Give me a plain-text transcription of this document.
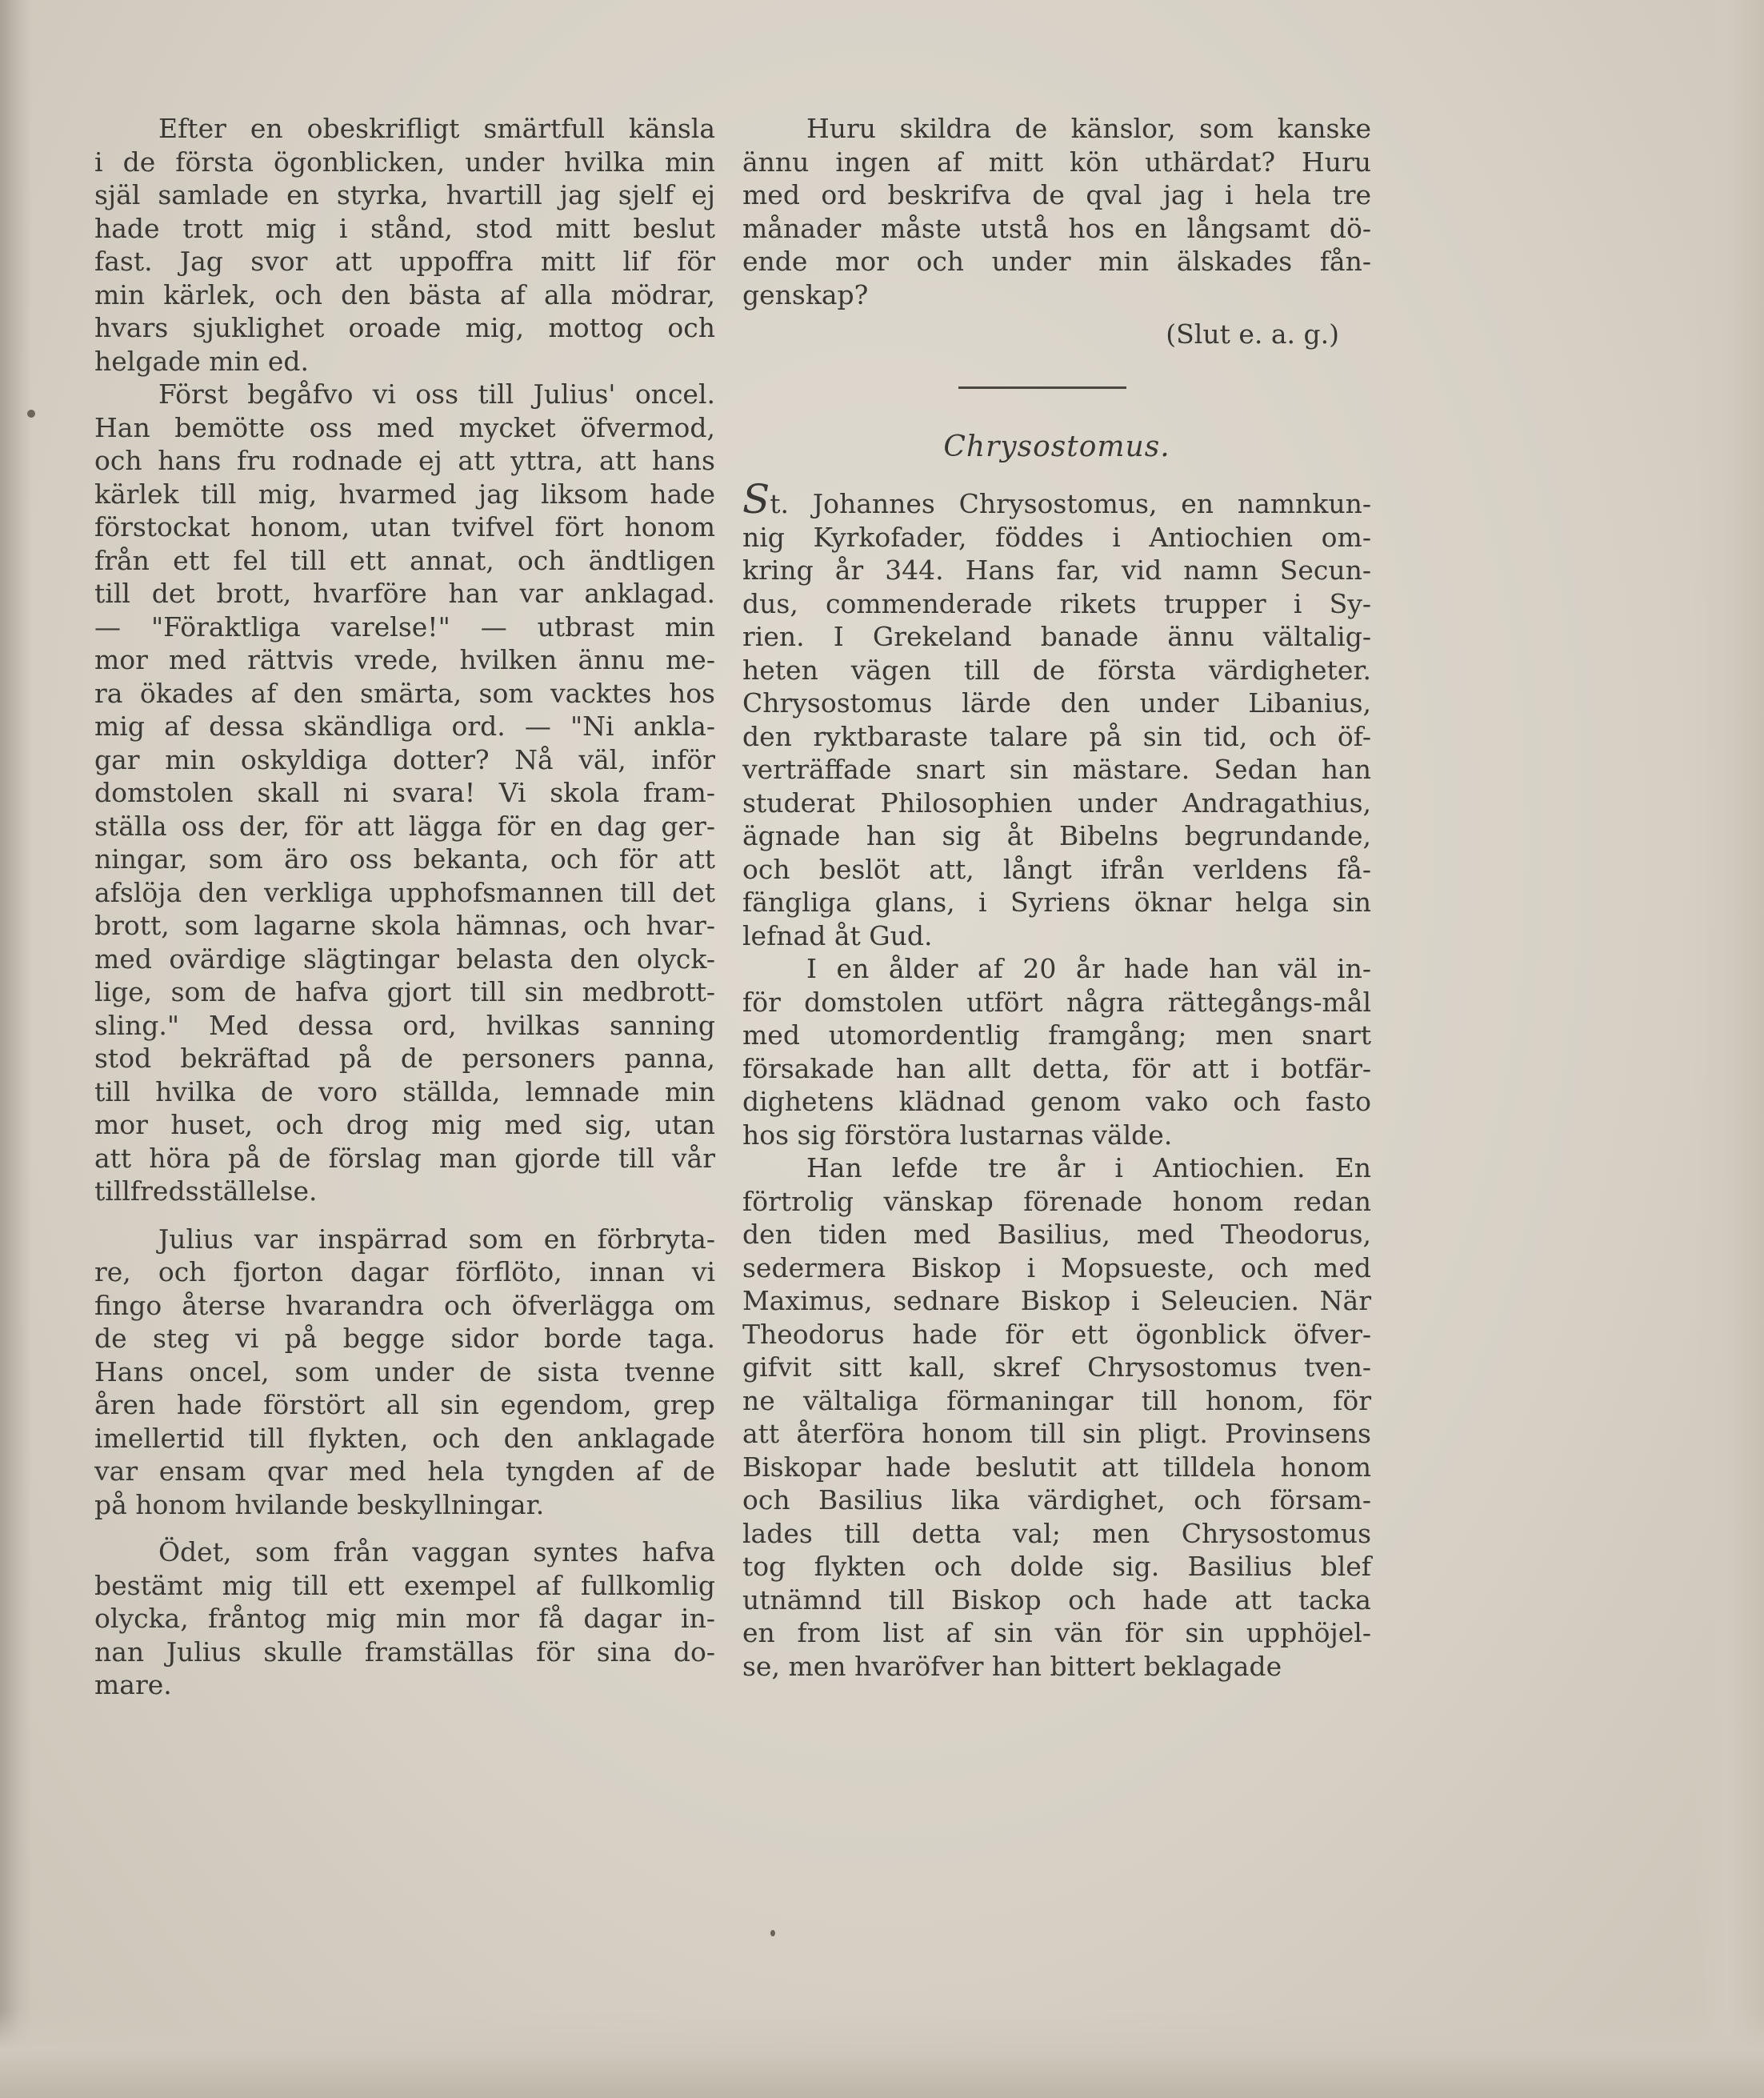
Efter en obeskrifligt smärtfull känsla
i de första ögonblicken, under hvilka min
själ samlade en styrka, hvartill jag sjelf ej
hade trott mig i stånd, stod mitt beslut
fast. Jag svor att uppoffra mitt lif för
min kärlek, och den bästa af alla mödrar,
hvars sjuklighet oroade mig, mottog och
helgade min ed.
Först begåfvo vi oss till Julius' oncel.
Han bemötte oss med mycket öfvermod,
och hans fru rodnade ej att yttra, att hans
kärlek till mig, hvarmed jag liksom hade
förstockat honom, utan tvifvel fört honom
från ett fel till ett annat, och ändtligen
till det brott, hvarföre han var anklagad.
— "Föraktliga varelse!" — utbrast min
mor med rättvis vrede, hvilken ännu me-
ra ökades af den smärta, som vacktes hos
mig af dessa skändliga ord. — "Ni ankla-
gar min oskyldiga dotter? Nå väl, inför
domstolen skall ni svara! Vi skola fram-
ställa oss der, för att lägga för en dag ger-
ningar, som äro oss bekanta, och för att
afslöja den verkliga upphofsmannen till det
brott, som lagarne skola hämnas, och hvar-
med ovärdige slägtingar belasta den olyck-
lige, som de hafva gjort till sin medbrott-
sling." Med dessa ord, hvilkas sanning
stod bekräftad på de personers panna,
till hvilka de voro ställda, lemnade min
mor huset, och drog mig med sig, utan
att höra på de förslag man gjorde till vår
tillfredsställelse.
Julius var inspärrad som en förbryta-
re, och fjorton dagar förflöto, innan vi
fingo återse hvarandra och öfverlägga om
de steg vi på begge sidor borde taga.
Hans oncel, som under de sista tvenne
åren hade förstört all sin egendom, grep
imellertid till flykten, och den anklagade
var ensam qvar med hela tyngden af de
på honom hvilande beskyllningar.
Ödet, som från vaggan syntes hafva
bestämt mig till ett exempel af fullkomlig
olycka, fråntog mig min mor få dagar in-
nan Julius skulle framställas för sina do-
mare.
Huru skildra de känslor, som kanske
ännu ingen af mitt kön uthärdat? Huru
med ord beskrifva de qval jag i hela tre
månader måste utstå hos en långsamt dö-
ende mor och under min älskades fån-
genskap?
(Slut e. a. g.)
Chrysostomus.
St. Johannes Chrysostomus, en namnkun-
nig Kyrkofader, föddes i Antiochien om-
kring år 344. Hans far, vid namn Secun-
dus, commenderade rikets trupper i Sy-
rien. I Grekeland banade ännu vältalig-
heten vägen till de första värdigheter.
Chrysostomus lärde den under Libanius,
den ryktbaraste talare på sin tid, och öf-
verträffade snart sin mästare. Sedan han
studerat Philosophien under Andragathius,
ägnade han sig åt Bibelns begrundande,
och beslöt att, långt ifrån verldens få-
fängliga glans, i Syriens öknar helga sin
lefnad åt Gud.
I en ålder af 20 år hade han väl in-
för domstolen utfört några rättegångs-mål
med utomordentlig framgång; men snart
försakade han allt detta, för att i botfär-
dighetens klädnad genom vako och fasto
hos sig förstöra lustarnas välde.
Han lefde tre år i Antiochien. En
förtrolig vänskap förenade honom redan
den tiden med Basilius, med Theodorus,
sedermera Biskop i Mopsueste, och med
Maximus, sednare Biskop i Seleucien. När
Theodorus hade för ett ögonblick öfver-
gifvit sitt kall, skref Chrysostomus tven-
ne vältaliga förmaningar till honom, för
att återföra honom till sin pligt. Provinsens
Biskopar hade beslutit att tilldela honom
och Basilius lika värdighet, och försam-
lades till detta val; men Chrysostomus
tog flykten och dolde sig. Basilius blef
utnämnd till Biskop och hade att tacka
en from list af sin vän för sin upphöjel-
se, men hvaröfver han bittert beklagade
